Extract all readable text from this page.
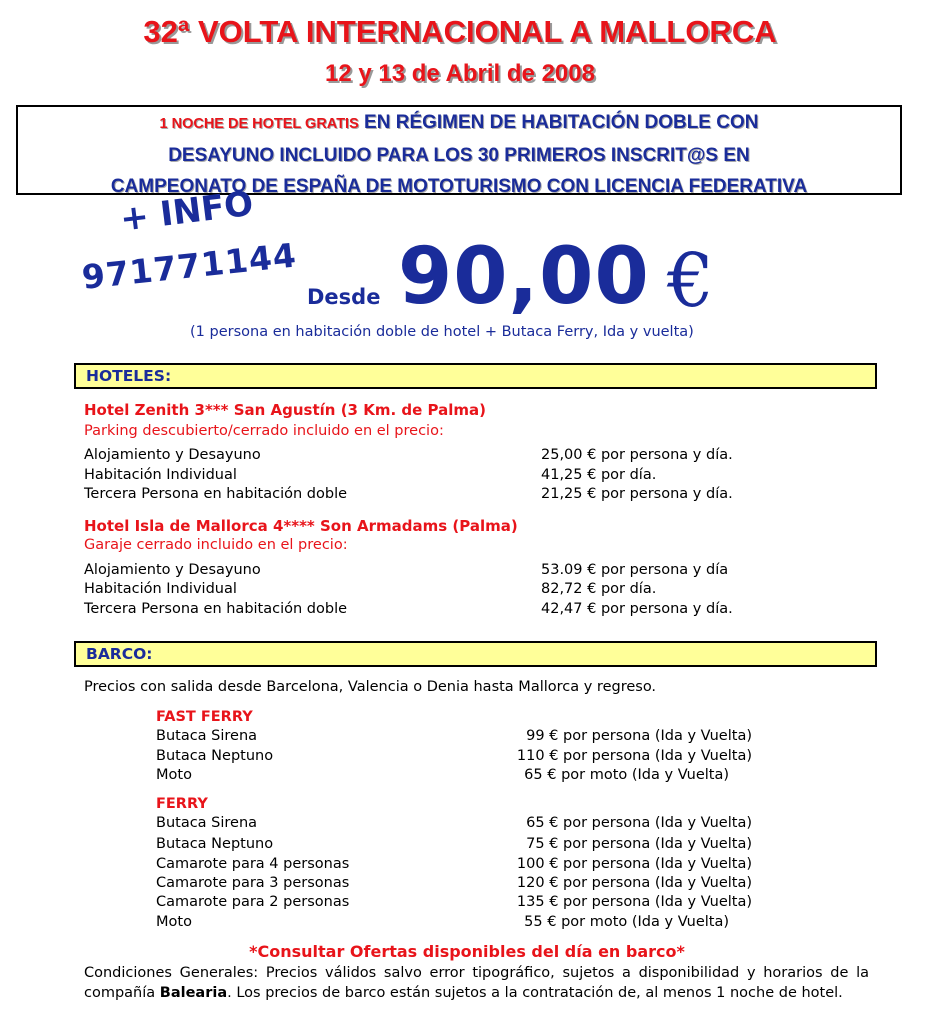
32ª VOLTA INTERNACIONAL A MALLORCA
12 y 13 de Abril de 2008
1 NOCHE DE HOTEL GRATIS EN RÉGIMEN DE HABITACIÓN DOBLE CON
DESAYUNO INCLUIDO PARA LOS 30 PRIMEROS INSCRIT@S EN
CAMPEONATO DE ESPAÑA DE MOTOTURISMO CON LICENCIA FEDERATIVA
+ INFO
971771144
Desde 90,00 €
(1 persona en habitación doble de hotel + Butaca Ferry, Ida y vuelta)
HOTELES:
Hotel Zenith 3*** San Agustín (3 Km. de Palma)
Parking descubierto/cerrado incluido en el precio:
Alojamiento y Desayuno	25,00 € por persona y día.
Habitación Individual	41,25 € por día.
Tercera Persona en habitación doble	21,25 € por persona y día.
Hotel Isla de Mallorca 4**** Son Armadams (Palma)
Garaje cerrado incluido en el precio:
Alojamiento y Desayuno	53.09 € por persona y día
Habitación Individual	82,72 € por día.
Tercera Persona en habitación doble	42,47 € por persona y día.
BARCO:
Precios con salida desde Barcelona, Valencia o Denia hasta Mallorca y regreso.
FAST FERRY
Butaca Sirena	99 € por persona (Ida y Vuelta)
Butaca Neptuno	110 € por persona (Ida y Vuelta)
Moto	65 € por moto (Ida y Vuelta)
FERRY
Butaca Sirena	65 € por persona (Ida y Vuelta)
Butaca Neptuno	75 € por persona (Ida y Vuelta)
Camarote para 4 personas	100 € por persona (Ida y Vuelta)
Camarote para 3 personas	120 € por persona (Ida y Vuelta)
Camarote para 2 personas	135 € por persona (Ida y Vuelta)
Moto	55 € por moto (Ida y Vuelta)
*Consultar Ofertas disponibles del día en barco*
Condiciones Generales: Precios válidos salvo error tipográfico, sujetos a disponibilidad y horarios de la compañía Balearia. Los precios de barco están sujetos a la contratación de, al menos 1 noche de hotel.
